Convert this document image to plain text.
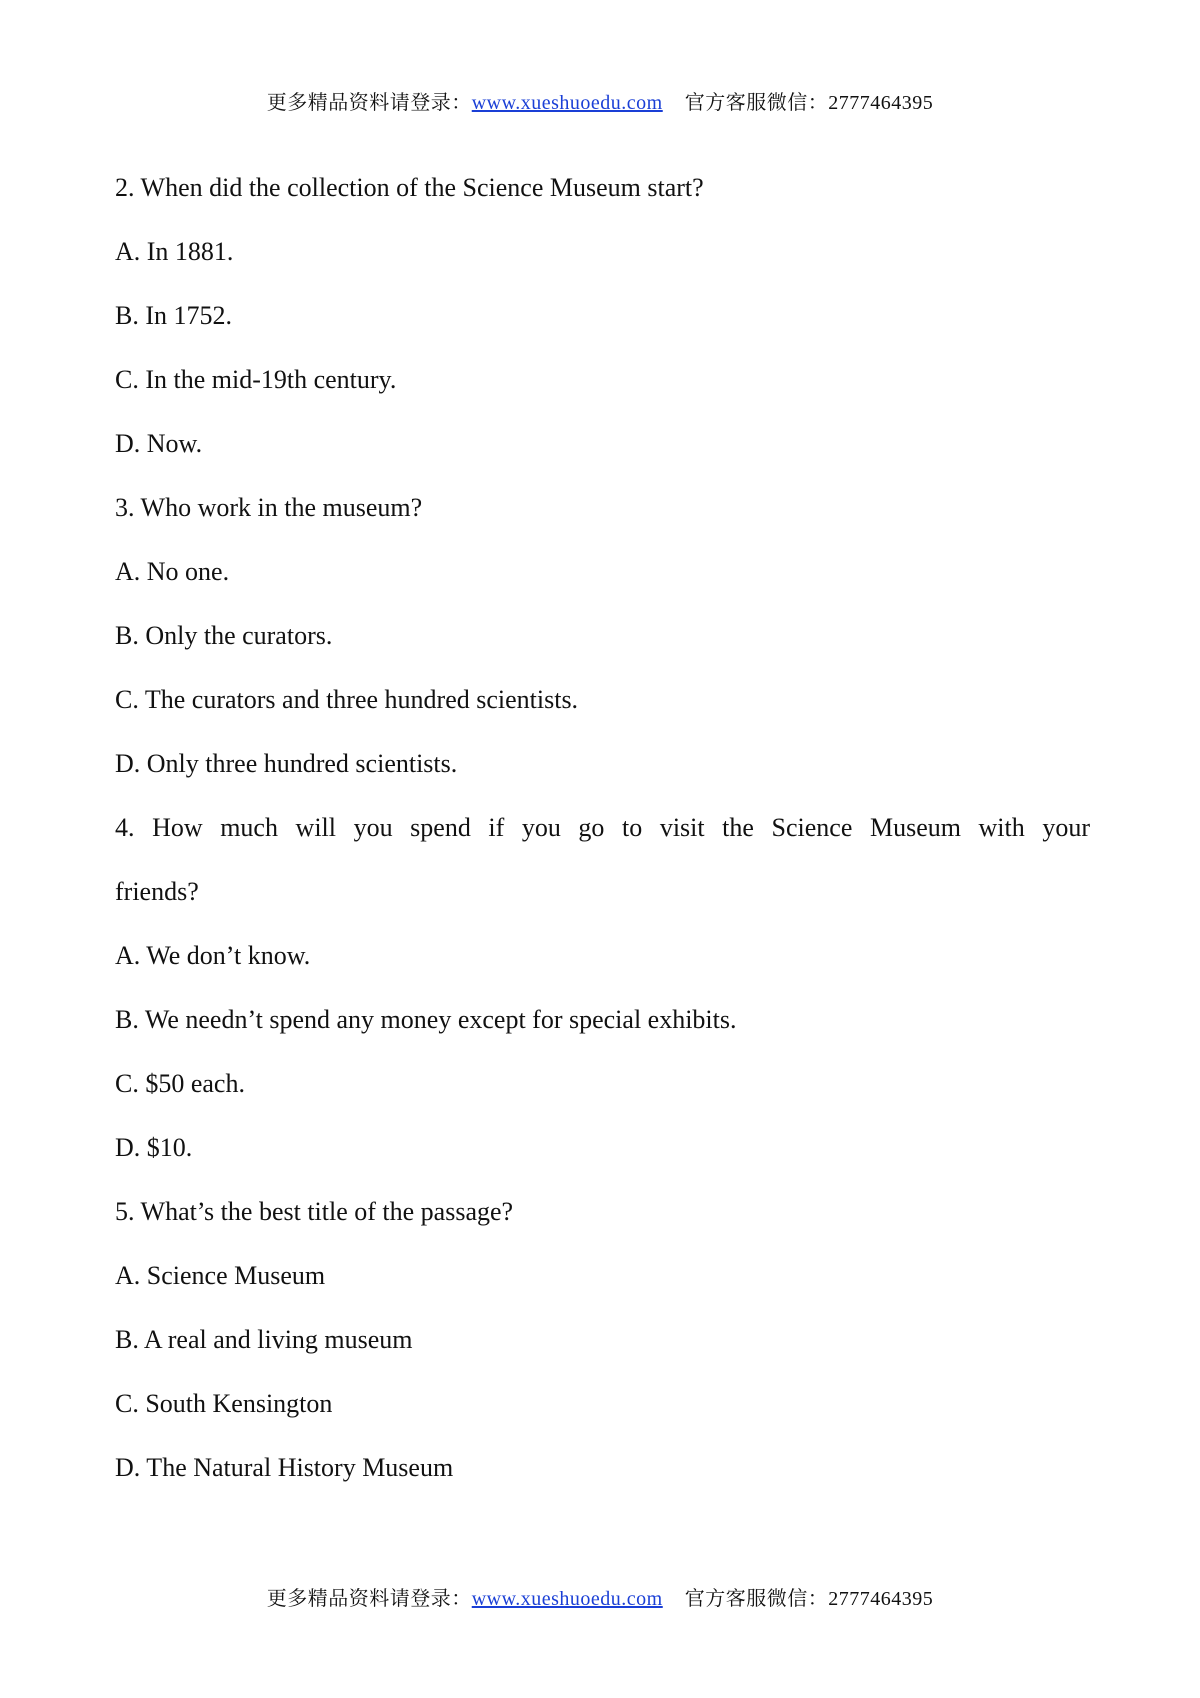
更多精品资料请登录：www.xueshuoedu.com 官方客服微信：2777464395

2. When did the collection of the Science Museum start?

A. In 1881.

B. In 1752.

C. In the mid-19th century.

D. Now.

3. Who work in the museum?

A. No one.

B. Only the curators.

C. The curators and three hundred scientists.

D. Only three hundred scientists.

4. How much will you spend if you go to visit the Science Museum with your

friends?

A. We don’t know.

B. We needn’t spend any money except for special exhibits.

C. $50 each.

D. $10.

5. What’s the best title of the passage?

A. Science Museum

B. A real and living museum

C. South Kensington

D. The Natural History Museum

更多精品资料请登录：www.xueshuoedu.com 官方客服微信：2777464395
